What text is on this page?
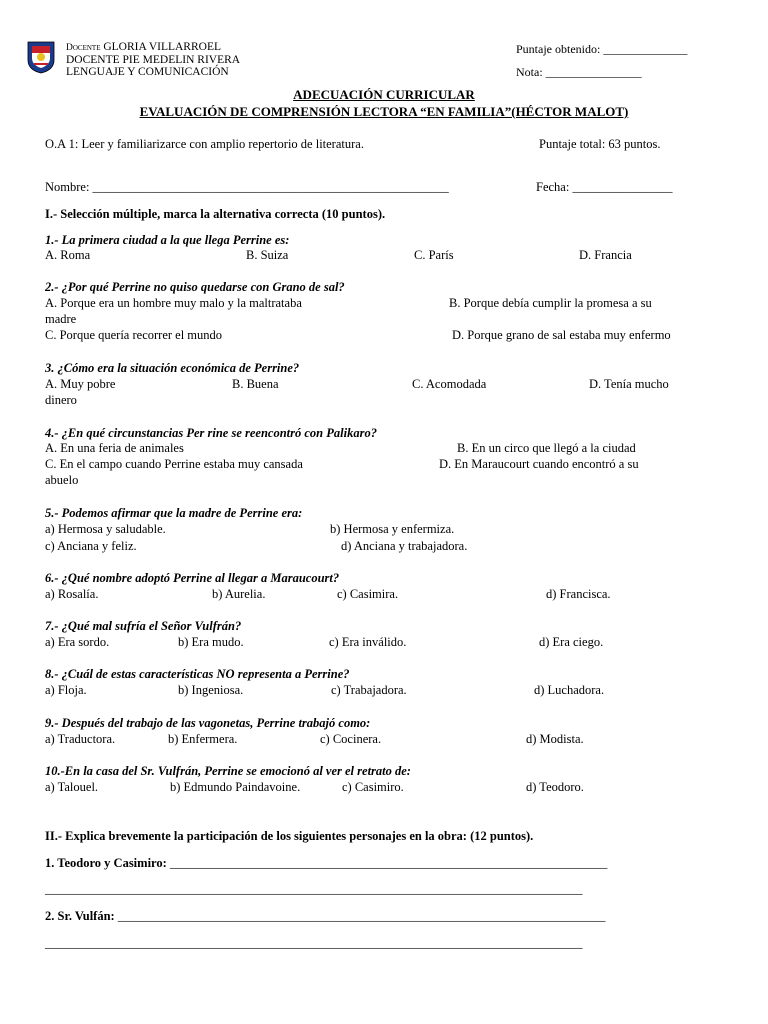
Docente GLORIA VILLARROEL
DOCENTE PIE MEDELIN RIVERA
LENGUAJE Y COMUNICACIÓN
Puntaje obtenido: ______________
Nota: ________________
ADECUACIÓN CURRICULAR
EVALUACIÓN DE COMPRENSIÓN LECTORA “EN FAMILIA”(HÉCTOR MALOT)
O.A 1: Leer y familiarizarce con amplio repertorio de literatura.	Puntaje total: 63 puntos.
Nombre: _________________________________________________________	Fecha: ________________
I.- Selección múltiple, marca la alternativa correcta (10 puntos).
1.- La primera ciudad a la que llega Perrine es:
A. Roma	B. Suiza	C. París	D. Francia
2.- ¿Por qué Perrine no quiso quedarse con Grano de sal?
A. Porque era un hombre muy malo y la maltrataba	B. Porque debía cumplir la promesa a su
madre
C. Porque quería recorrer el mundo	D. Porque grano de sal estaba muy enfermo
3. ¿Cómo era la situación económica de Perrine?
A. Muy pobre	B. Buena	C. Acomodada	D. Tenía mucho
dinero
4.- ¿En qué circunstancias Per rine se reencontró con Palikaro?
A. En una feria de animales	B. En un circo que llegó a la ciudad
C. En el campo cuando Perrine estaba muy cansada	D. En Maraucourt cuando encontró a su
abuelo
5.- Podemos afirmar que la madre de Perrine era:
a) Hermosa y saludable.	b) Hermosa y enfermiza.
c) Anciana y feliz.	d) Anciana y trabajadora.
6.- ¿Qué nombre adoptó Perrine al llegar a Maraucourt?
a) Rosalía.	b) Aurelia.	c) Casimira.	d) Francisca.
7.- ¿Qué mal sufría el Señor Vulfrán?
a) Era sordo.	b) Era mudo.	c) Era inválido.	d) Era ciego.
8.- ¿Cuál de estas características NO representa a Perrine?
a) Floja.	b) Ingeniosa.	c) Trabajadora.	d) Luchadora.
9.- Después del trabajo de las vagonetas, Perrine trabajó como:
a) Traductora.	b) Enfermera.	c) Cocinera.	d) Modista.
10.-En la casa del Sr. Vulfrán, Perrine se emocionó al ver el retrato de:
a) Talouel.	b) Edmundo Paindavoine.	c) Casimiro.	d) Teodoro.
II.- Explica brevemente la participación de los siguientes personajes en la obra: (12 puntos).
1. Teodoro y Casimiro: ______________________________________________________________________
______________________________________________________________________________________
2. Sr. Vulfán: ______________________________________________________________________________
______________________________________________________________________________________
